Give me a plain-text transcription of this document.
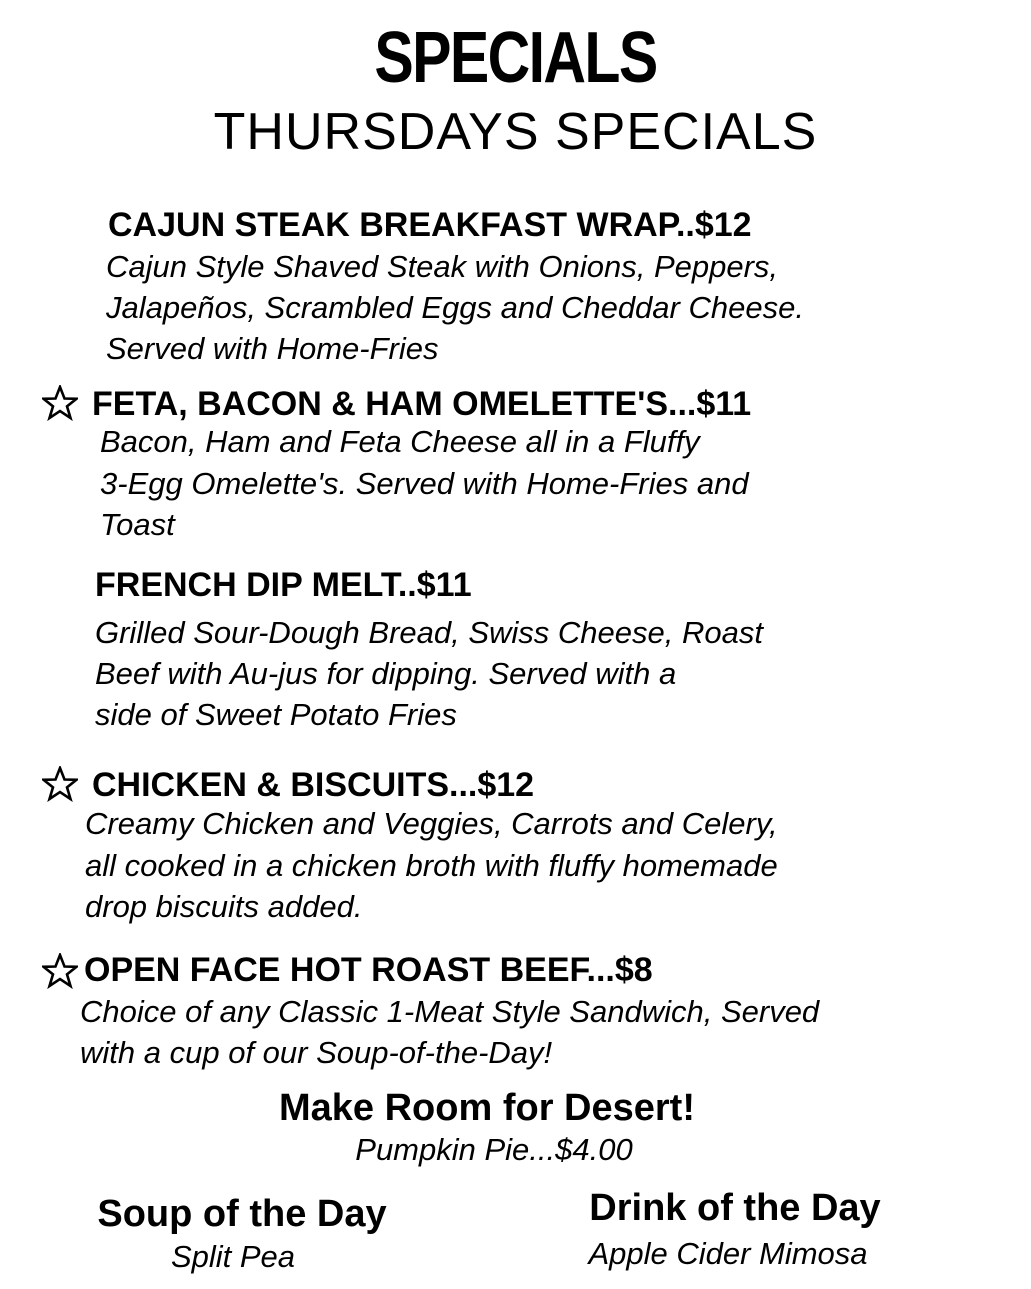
SPECIALS
THURSDAYS SPECIALS
CAJUN STEAK BREAKFAST WRAP..$12
Cajun Style Shaved Steak with Onions, Peppers,
Jalapeños, Scrambled Eggs and Cheddar Cheese.
Served with Home-Fries
FETA, BACON & HAM OMELETTE'S...$11
Bacon, Ham and Feta Cheese all in a Fluffy
3-Egg Omelette's. Served with Home-Fries and
Toast
FRENCH DIP MELT..$11
Grilled Sour-Dough Bread, Swiss Cheese, Roast
Beef with Au-jus for dipping. Served with a
side of Sweet Potato Fries
CHICKEN & BISCUITS...$12
Creamy Chicken and Veggies, Carrots and Celery,
all cooked in a chicken broth with fluffy homemade
drop biscuits added.
OPEN FACE HOT ROAST BEEF...$8
Choice of any Classic 1-Meat Style Sandwich, Served
with a cup of our Soup-of-the-Day!
Make Room for Desert!
Pumpkin Pie...$4.00
Soup of the Day
Split Pea
Drink of the Day
Apple Cider Mimosa
